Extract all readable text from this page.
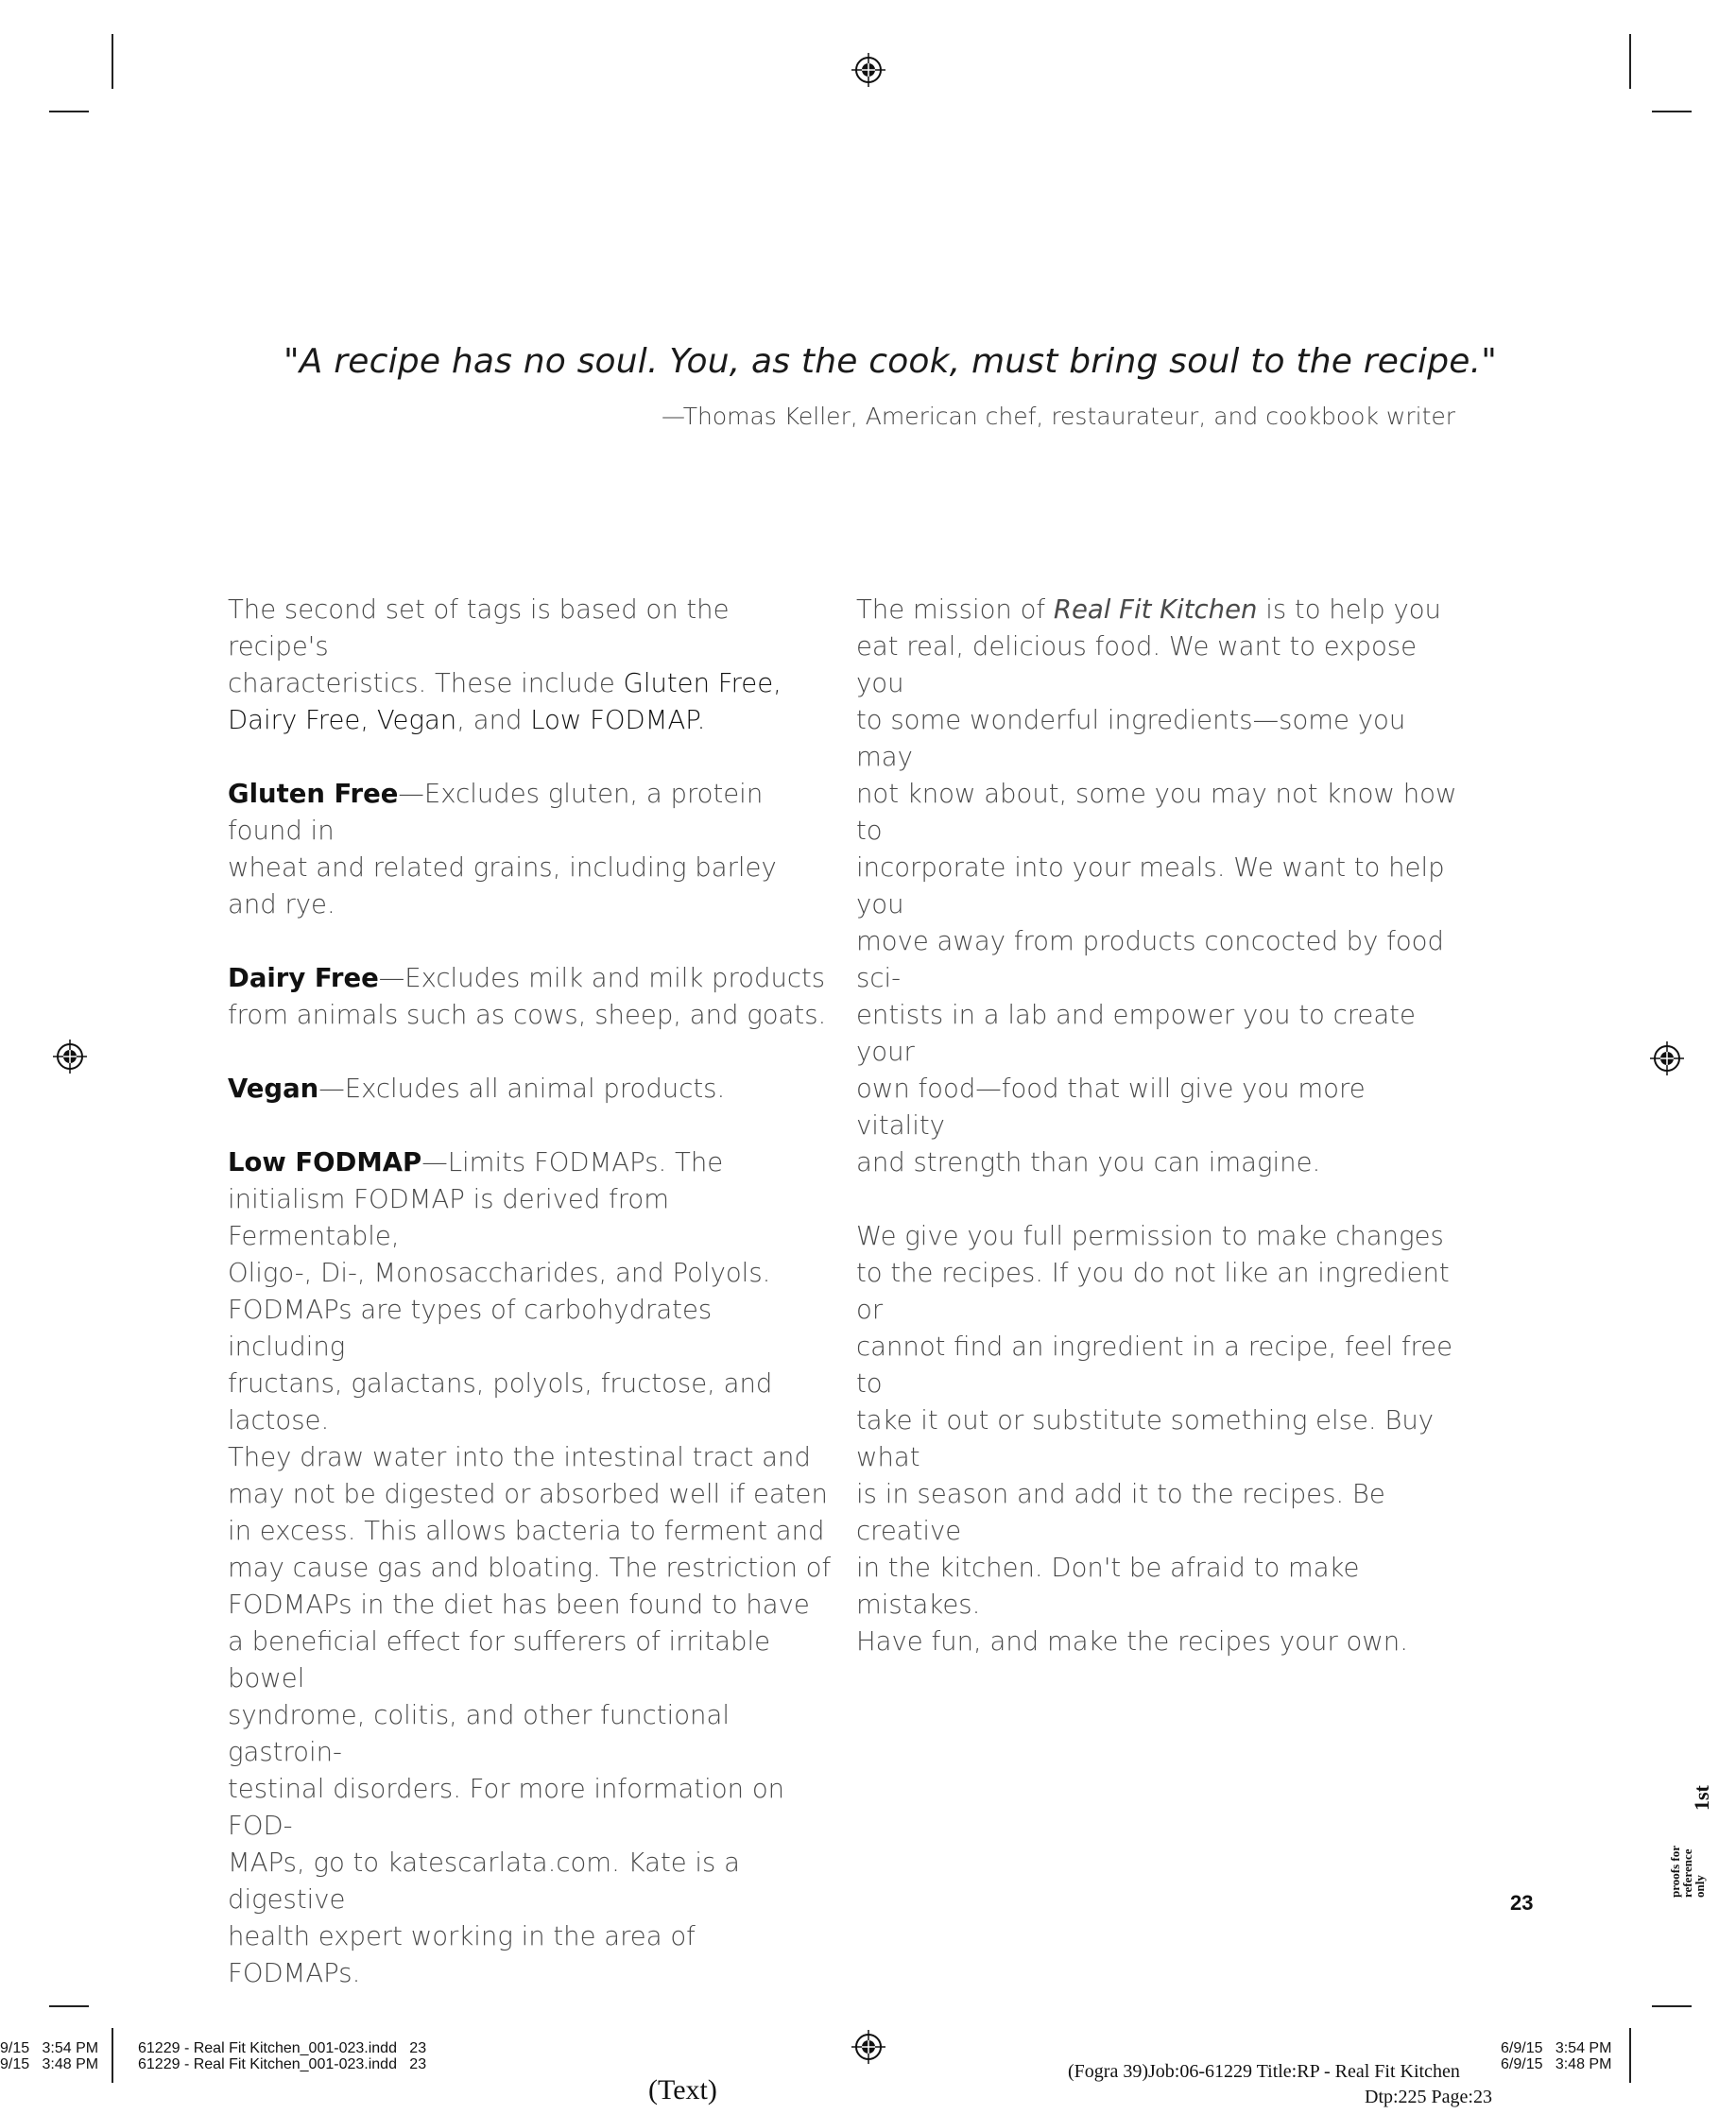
"A recipe has no soul. You, as the cook, must bring soul to the recipe."
—Thomas Keller, American chef, restaurateur, and cookbook writer

The second set of tags is based on the recipe's
characteristics. These include Gluten Free,
Dairy Free, Vegan, and Low FODMAP.

Gluten Free—Excludes gluten, a protein found in
wheat and related grains, including barley and rye.

Dairy Free—Excludes milk and milk products
from animals such as cows, sheep, and goats.

Vegan—Excludes all animal products.

Low FODMAP—Limits FODMAPs. The
initialism FODMAP is derived from Fermentable,
Oligo-, Di-, Monosaccharides, and Polyols.
FODMAPs are types of carbohydrates including
fructans, galactans, polyols, fructose, and lactose.
They draw water into the intestinal tract and
may not be digested or absorbed well if eaten
in excess. This allows bacteria to ferment and
may cause gas and bloating. The restriction of
FODMAPs in the diet has been found to have
a beneficial effect for sufferers of irritable bowel
syndrome, colitis, and other functional gastroin-
testinal disorders. For more information on FOD-
MAPs, go to katescarlata.com. Kate is a digestive
health expert working in the area of FODMAPs.

The mission of Real Fit Kitchen is to help you
eat real, delicious food. We want to expose you
to some wonderful ingredients—some you may
not know about, some you may not know how to
incorporate into your meals. We want to help you
move away from products concocted by food sci-
entists in a lab and empower you to create your
own food—food that will give you more vitality
and strength than you can imagine.

We give you full permission to make changes
to the recipes. If you do not like an ingredient or
cannot find an ingredient in a recipe, feel free to
take it out or substitute something else. Buy what
is in season and add it to the recipes. Be creative
in the kitchen. Don't be afraid to make mistakes.
Have fun, and make the recipes your own.

23
proofs for
reference
only
1st
9/15   3:54 PM
9/15   3:48 PM
61229 - Real Fit Kitchen_001-023.indd   23
61229 - Real Fit Kitchen_001-023.indd   23
6/9/15   3:54 PM
6/9/15   3:48 PM
(Fogra 39)Job:06-61229 Title:RP - Real Fit Kitchen
Dtp:225 Page:23
(Text)
